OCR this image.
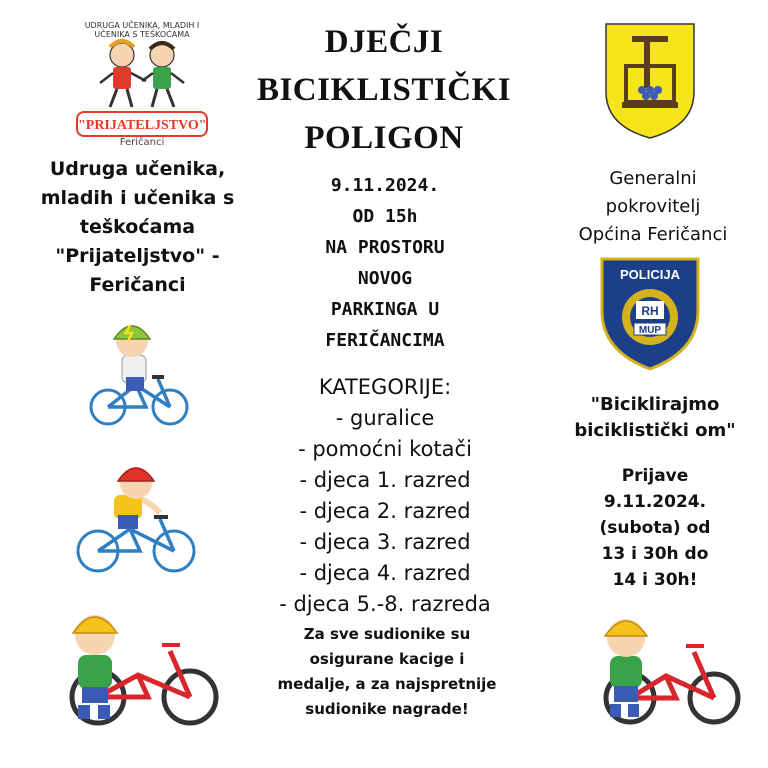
UDRUGA UČENIKA, MLADIH I UČENIKA S TEŠKOĆAMA
"PRIJATELJSTVO"
Feričanci
DJEČJI
BICIKLISTIČKI
POLIGON
Udruga učenika,
mladih i učenika s
teškoćama
"Prijateljstvo" -
Feričanci
9.11.2024.
OD 15h
NA PROSTORU
NOVOG
PARKINGA U
FERIČANCIMA
Generalni
pokrovitelj
Općina Feričanci
POLICIJA
RH
MUP
KATEGORIJE:
- guralice
- pomoćni kotači
- djeca 1. razred
- djeca 2. razred
- djeca 3. razred
- djeca 4. razred
- djeca 5.-8. razreda
Za sve sudionike su
osigurane kacige i
medalje, a za najspretnije
sudionike nagrade!
"Biciklirajmo
biciklistički om"
Prijave
9.11.2024.
(subota) od
13 i 30h do
14 i 30h!
